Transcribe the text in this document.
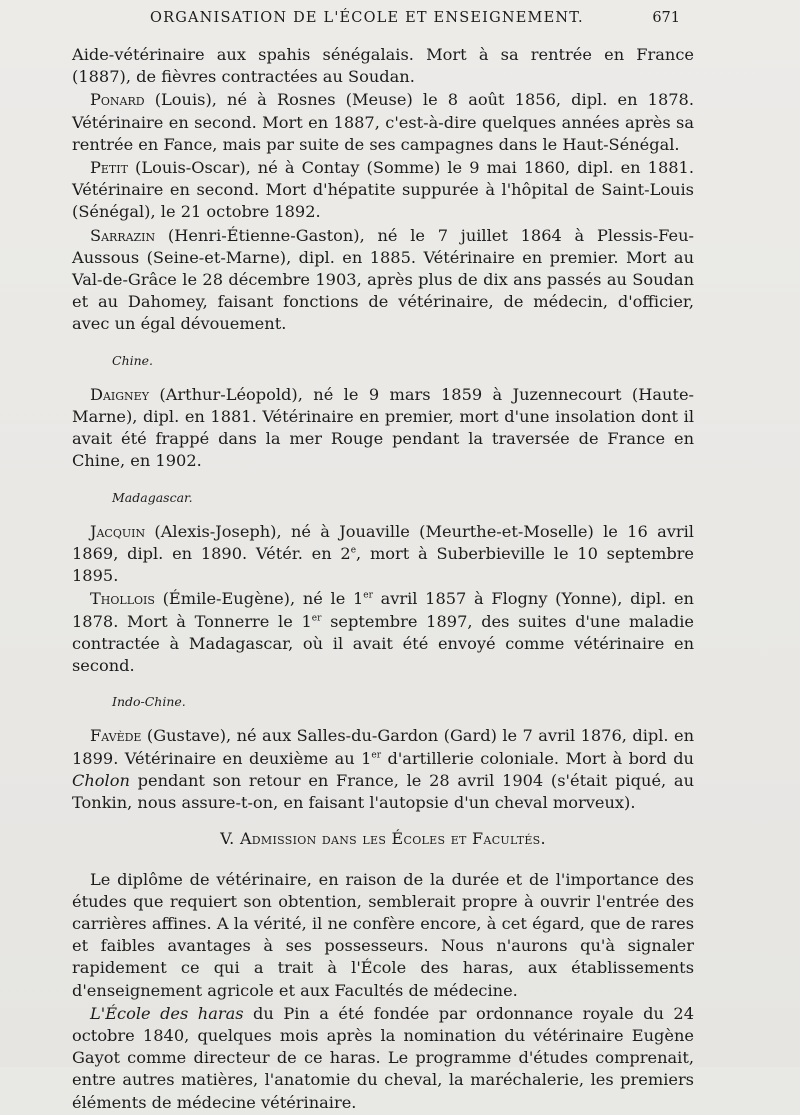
ORGANISATION DE L'ÉCOLE ET ENSEIGNEMENT.	671

Aide-vétérinaire aux spahis sénégalais. Mort à sa rentrée en France (1887), de fièvres contractées au Soudan.

Ponard (Louis), né à Rosnes (Meuse) le 8 août 1856, dipl. en 1878. Vétérinaire en second. Mort en 1887, c'est-à-dire quelques années après sa rentrée en Fance, mais par suite de ses campagnes dans le Haut-Sénégal.

Petit (Louis-Oscar), né à Contay (Somme) le 9 mai 1860, dipl. en 1881. Vétérinaire en second. Mort d'hépatite suppurée à l'hôpital de Saint-Louis (Sénégal), le 21 octobre 1892.

Sarrazin (Henri-Étienne-Gaston), né le 7 juillet 1864 à Plessis-Feu-Aussous (Seine-et-Marne), dipl. en 1885. Vétérinaire en premier. Mort au Val-de-Grâce le 28 décembre 1903, après plus de dix ans passés au Soudan et au Dahomey, faisant fonctions de vétérinaire, de médecin, d'officier, avec un égal dévouement.

Chine.

Daigney (Arthur-Léopold), né le 9 mars 1859 à Juzennecourt (Haute-Marne), dipl. en 1881. Vétérinaire en premier, mort d'une insolation dont il avait été frappé dans la mer Rouge pendant la traversée de France en Chine, en 1902.

Madagascar.

Jacquin (Alexis-Joseph), né à Jouaville (Meurthe-et-Moselle) le 16 avril 1869, dipl. en 1890. Vétér. en 2e, mort à Suberbieville le 10 septembre 1895.

Thollois (Émile-Eugène), né le 1er avril 1857 à Flogny (Yonne), dipl. en 1878. Mort à Tonnerre le 1er septembre 1897, des suites d'une maladie contractée à Madagascar, où il avait été envoyé comme vétérinaire en second.

Indo-Chine.

Favède (Gustave), né aux Salles-du-Gardon (Gard) le 7 avril 1876, dipl. en 1899. Vétérinaire en deuxième au 1er d'artillerie coloniale. Mort à bord du Cholon pendant son retour en France, le 28 avril 1904 (s'était piqué, au Tonkin, nous assure-t-on, en faisant l'autopsie d'un cheval morveux).

V. Admission dans les Écoles et Facultés.

Le diplôme de vétérinaire, en raison de la durée et de l'importance des études que requiert son obtention, semblerait propre à ouvrir l'entrée des carrières affines. A la vérité, il ne confère encore, à cet égard, que de rares et faibles avantages à ses possesseurs. Nous n'aurons qu'à signaler rapidement ce qui a trait à l'École des haras, aux établissements d'enseignement agricole et aux Facultés de médecine.

L'École des haras du Pin a été fondée par ordonnance royale du 24 octobre 1840, quelques mois après la nomination du vétérinaire Eugène Gayot comme directeur de ce haras. Le programme d'études comprenait, entre autres matières, l'anatomie du cheval, la maréchalerie, les premiers éléments de médecine vétérinaire.
